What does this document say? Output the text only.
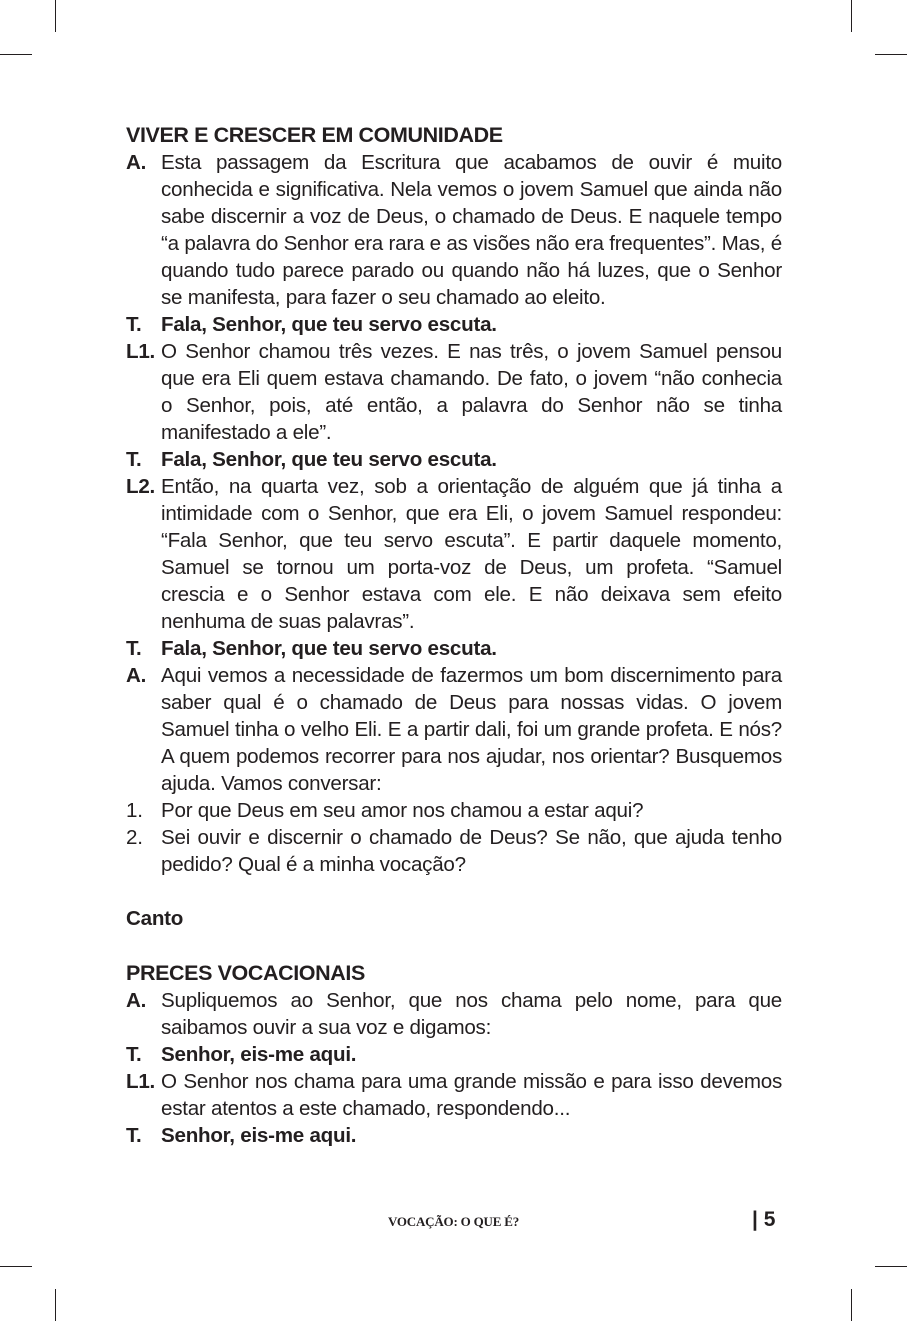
VIVER E CRESCER EM COMUNIDADE
A. Esta passagem da Escritura que acabamos de ouvir é muito conhecida e significativa. Nela vemos o jovem Samuel que ainda não sabe discernir a voz de Deus, o chamado de Deus. E naquele tempo “a palavra do Senhor era rara e as visões não era frequentes”. Mas, é quando tudo parece parado ou quando não há luzes, que o Senhor se manifesta, para fazer o seu chamado ao eleito.
T. Fala, Senhor, que teu servo escuta.
L1. O Senhor chamou três vezes. E nas três, o jovem Samuel pensou que era Eli quem estava chamando. De fato, o jovem “não conhecia o Senhor, pois, até então, a palavra do Senhor não se tinha manifestado a ele”.
T. Fala, Senhor, que teu servo escuta.
L2. Então, na quarta vez, sob a orientação de alguém que já tinha a intimidade com o Senhor, que era Eli, o jovem Samuel respondeu: “Fala Senhor, que teu servo escuta”. E partir daquele momento, Samuel se tornou um porta-voz de Deus, um profeta. “Samuel crescia e o Senhor estava com ele. E não deixava sem efeito nenhuma de suas palavras”.
T. Fala, Senhor, que teu servo escuta.
A. Aqui vemos a necessidade de fazermos um bom discernimento para saber qual é o chamado de Deus para nossas vidas. O jovem Samuel tinha o velho Eli. E a partir dali, foi um grande profeta. E nós? A quem podemos recorrer para nos ajudar, nos orientar? Busquemos ajuda. Vamos conversar:
1. Por que Deus em seu amor nos chamou a estar aqui?
2. Sei ouvir e discernir o chamado de Deus? Se não, que ajuda tenho pedido? Qual é a minha vocação?

Canto

PRECES VOCACIONAIS
A. Supliquemos ao Senhor, que nos chama pelo nome, para que saibamos ouvir a sua voz e digamos:
T. Senhor, eis-me aqui.
L1. O Senhor nos chama para uma grande missão e para isso devemos estar atentos a este chamado, respondendo...
T. Senhor, eis-me aqui.
VOCAÇÃO: O QUE É?	| 5
